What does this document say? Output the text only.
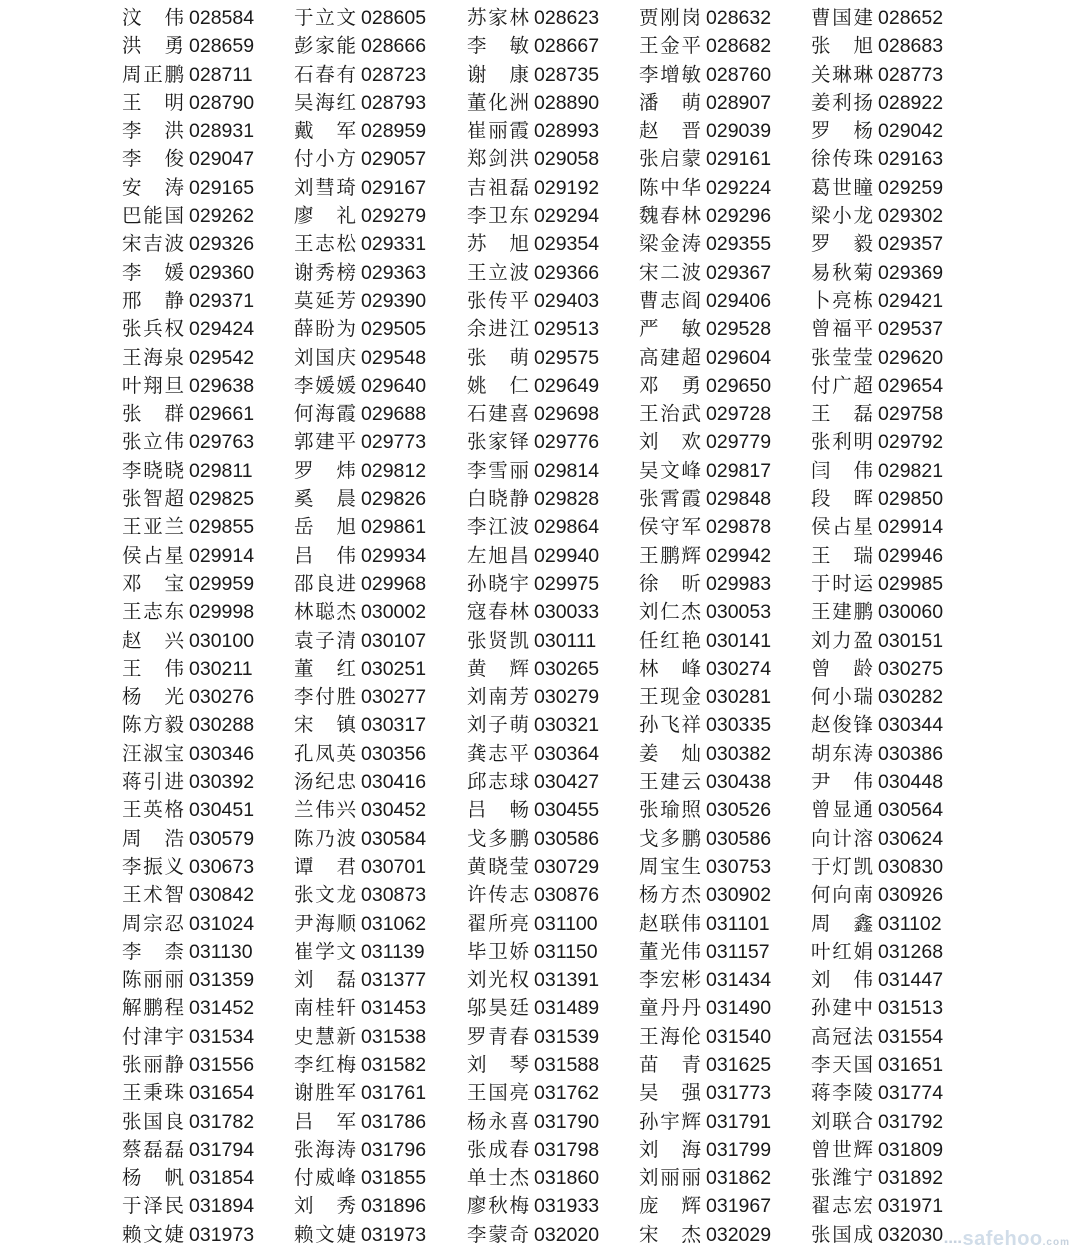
汶 伟 028584 于立文 028605 苏家林 028623 贾刚岗 028632 曹国建 028652
洪 勇 028659 彭家能 028666 李 敏 028667 王金平 028682 张 旭 028683
周正鹏 028711 石春有 028723 谢 康 028735 李增敏 028760 关琳琳 028773
王 明 028790 吴海红 028793 董化洲 028890 潘 萌 028907 姜利扬 028922
李 洪 028931 戴 军 028959 崔丽霞 028993 赵 晋 029039 罗 杨 029042
李 俊 029047 付小方 029057 郑剑洪 029058 张启蒙 029161 徐传珠 029163
安 涛 029165 刘彗琦 029167 吉祖磊 029192 陈中华 029224 葛世瞳 029259
巴能国 029262 廖 礼 029279 李卫东 029294 魏春林 029296 梁小龙 029302
宋吉波 029326 王志松 029331 苏 旭 029354 梁金涛 029355 罗 毅 029357
李 媛 029360 谢秀榜 029363 王立波 029366 宋二波 029367 易秋菊 029369
邢 静 029371 莫延芳 029390 张传平 029403 曹志阎 029406 卜亮栋 029421
张兵权 029424 薛盼为 029505 余进江 029513 严 敏 029528 曾福平 029537
王海泉 029542 刘国庆 029548 张 萌 029575 高建超 029604 张莹莹 029620
叶翔旦 029638 李媛媛 029640 姚 仁 029649 邓 勇 029650 付广超 029654
张 群 029661 何海霞 029688 石建喜 029698 王治武 029728 王 磊 029758
张立伟 029763 郭建平 029773 张家铎 029776 刘 欢 029779 张利明 029792
李晓晓 029811 罗 炜 029812 李雪丽 029814 吴文峰 029817 闫 伟 029821
张智超 029825 奚 晨 029826 白晓静 029828 张霄霞 029848 段 晖 029850
王亚兰 029855 岳 旭 029861 李江波 029864 侯守军 029878 侯占星 029914
侯占星 029914 吕 伟 029934 左旭昌 029940 王鹏辉 029942 王 瑞 029946
邓 宝 029959 邵良进 029968 孙晓宇 029975 徐 昕 029983 于时运 029985
王志东 029998 林聪杰 030002 寇春林 030033 刘仁杰 030053 王建鹏 030060
赵 兴 030100 袁子清 030107 张贤凯 030111 任红艳 030141 刘力盈 030151
王 伟 030211 董 红 030251 黄 辉 030265 林 峰 030274 曾 龄 030275
杨 光 030276 李付胜 030277 刘南芳 030279 王现金 030281 何小瑞 030282
陈方毅 030288 宋 镇 030317 刘子萌 030321 孙飞祥 030335 赵俊锋 030344
汪淑宝 030346 孔凤英 030356 龚志平 030364 姜 灿 030382 胡东涛 030386
蒋引进 030392 汤纪忠 030416 邱志球 030427 王建云 030438 尹 伟 030448
王英格 030451 兰伟兴 030452 吕 畅 030455 张瑜照 030526 曾显通 030564
周 浩 030579 陈乃波 030584 戈多鹏 030586 戈多鹏 030586 向计溶 030624
李振义 030673 谭 君 030701 黄晓莹 030729 周宝生 030753 于灯凯 030830
王术智 030842 张文龙 030873 许传志 030876 杨方杰 030902 何向南 030926
周宗忍 031024 尹海顺 031062 翟所亮 031100 赵联伟 031101 周 鑫 031102
李 柰 031130 崔学文 031139 毕卫娇 031150 董光伟 031157 叶红娟 031268
陈丽丽 031359 刘 磊 031377 刘光权 031391 李宏彬 031434 刘 伟 031447
解鹏程 031452 南桂轩 031453 邬昊廷 031489 童丹丹 031490 孙建中 031513
付津宇 031534 史慧新 031538 罗青春 031539 王海伦 031540 高冠法 031554
张丽静 031556 李红梅 031582 刘 琴 031588 苗 青 031625 李天国 031651
王秉珠 031654 谢胜军 031761 王国亮 031762 吴 强 031773 蒋李陵 031774
张国良 031782 吕 军 031786 杨永喜 031790 孙宇辉 031791 刘联合 031792
蔡磊磊 031794 张海涛 031796 张成春 031798 刘 海 031799 曾世辉 031809
杨 帆 031854 付威峰 031855 单士杰 031860 刘丽丽 031862 张潍宁 031892
于泽民 031894 刘 秀 031896 廖秋梅 031933 庞 辉 031967 翟志宏 031971
赖文婕 031973 赖文婕 031973 李蒙奇 032020 宋 杰 032029 张国成 032030 ▪▪▪▪safehoo.com
